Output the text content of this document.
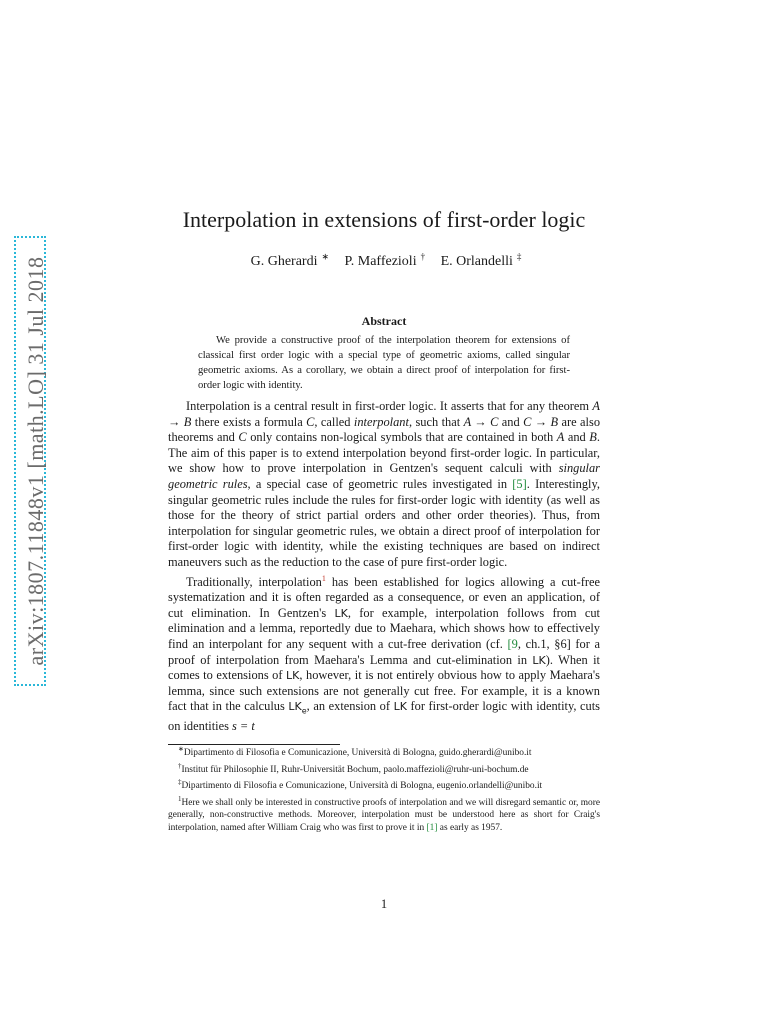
arXiv:1807.11848v1 [math.LO] 31 Jul 2018
Interpolation in extensions of first-order logic
G. Gherardi ∗ P. Maffezioli † E. Orlandelli ‡
Abstract
We provide a constructive proof of the interpolation theorem for extensions of classical first order logic with a special type of geometric axioms, called singular geometric axioms. As a corollary, we obtain a direct proof of interpolation for first-order logic with identity.

Interpolation is a central result in first-order logic. It asserts that for any theorem A → B there exists a formula C, called interpolant, such that A → C and C → B are also theorems and C only contains non-logical symbols that are contained in both A and B. The aim of this paper is to extend interpolation beyond first-order logic. In particular, we show how to prove interpolation in Gentzen's sequent calculi with singular geometric rules, a special case of geometric rules investigated in [5]. Interestingly, singular geometric rules include the rules for first-order logic with identity (as well as those for the theory of strict partial orders and other order theories). Thus, from interpolation for singular geometric rules, we obtain a direct proof of interpolation for first-order logic with identity, while the existing techniques are based on indirect maneuvers such as the reduction to the case of pure first-order logic.

Traditionally, interpolation$^1$ has been established for logics allowing a cut-free systematization and it is often regarded as a consequence, or even an application, of cut elimination. In Gentzen's LK, for example, interpolation follows from cut elimination and a lemma, reportedly due to Maehara, which shows how to effectively find an interpolant for any sequent with a cut-free derivation (cf. [9, ch.1, §6] for a proof of interpolation from Maehara's Lemma and cut-elimination in LK). When it comes to extensions of LK, however, it is not entirely obvious how to apply Maehara's lemma, since such extensions are not generally cut free. For example, it is a known fact that in the calculus $LK_e$, an extension of LK for first-order logic with identity, cuts on identities s = t

∗Dipartimento di Filosofia e Comunicazione, Università di Bologna, guido.gherardi@unibo.it

†Institut für Philosophie II, Ruhr-Universität Bochum, paolo.maffezioli@ruhr-uni-bochum.de

‡Dipartimento di Filosofia e Comunicazione, Università di Bologna, eugenio.orlandelli@unibo.it

$^1$Here we shall only be interested in constructive proofs of interpolation and we will disregard semantic or, more generally, non-constructive methods. Moreover, interpolation must be understood here as short for Craig's interpolation, named after William Craig who was first to prove it in [1] as early as 1957.

1
